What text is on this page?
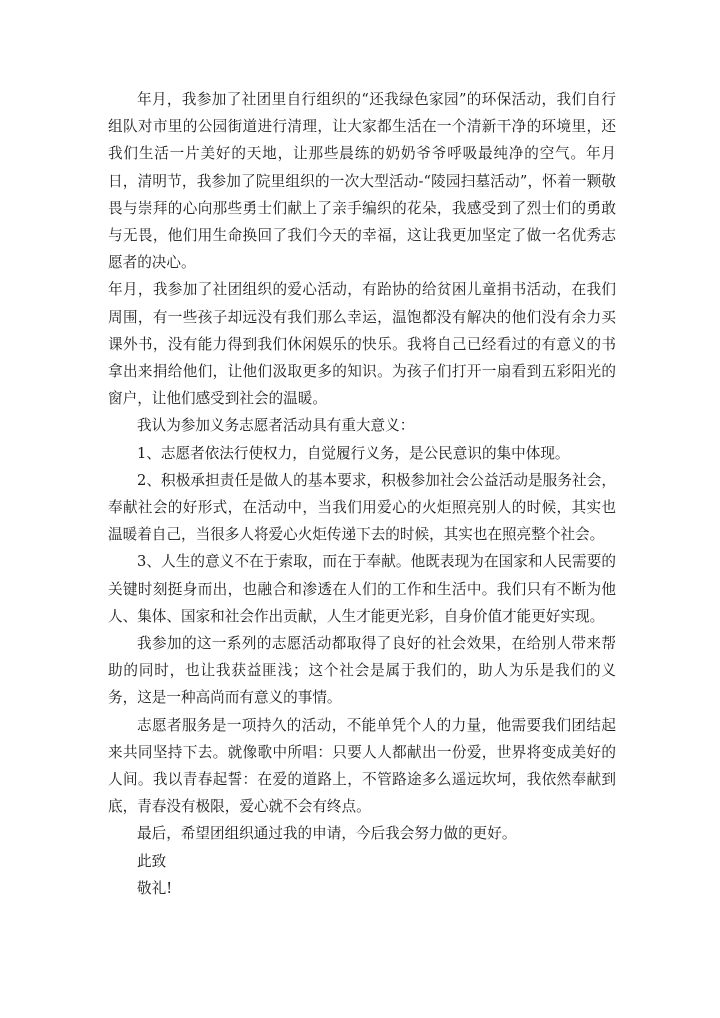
年月，我参加了社团里自行组织的“还我绿色家园”的环保活动，我们自行组队对市里的公园街道进行清理，让大家都生活在一个清新干净的环境里，还我们生活一片美好的天地，让那些晨练的奶奶爷爷呼吸最纯净的空气。年月日，清明节，我参加了院里组织的一次大型活动-“陵园扫墓活动”，怀着一颗敬畏与崇拜的心向那些勇士们献上了亲手编织的花朵，我感受到了烈士们的勇敢与无畏，他们用生命换回了我们今天的幸福，这让我更加坚定了做一名优秀志愿者的决心。

年月，我参加了社团组织的爱心活动，有跆协的给贫困儿童捐书活动，在我们周围，有一些孩子却远没有我们那么幸运，温饱都没有解决的他们没有余力买课外书，没有能力得到我们休闲娱乐的快乐。我将自己已经看过的有意义的书拿出来捐给他们，让他们汲取更多的知识。为孩子们打开一扇看到五彩阳光的窗户，让他们感受到社会的温暖。

我认为参加义务志愿者活动具有重大意义：

1、志愿者依法行使权力，自觉履行义务，是公民意识的集中体现。

2、积极承担责任是做人的基本要求，积极参加社会公益活动是服务社会，奉献社会的好形式，在活动中，当我们用爱心的火炬照亮别人的时候，其实也温暖着自己，当很多人将爱心火炬传递下去的时候，其实也在照亮整个社会。

3、人生的意义不在于索取，而在于奉献。他既表现为在国家和人民需要的关键时刻挺身而出，也融合和渗透在人们的工作和生活中。我们只有不断为他人、集体、国家和社会作出贡献，人生才能更光彩，自身价值才能更好实现。

我参加的这一系列的志愿活动都取得了良好的社会效果，在给别人带来帮助的同时，也让我获益匪浅；这个社会是属于我们的，助人为乐是我们的义务，这是一种高尚而有意义的事情。

志愿者服务是一项持久的活动，不能单凭个人的力量，他需要我们团结起来共同坚持下去。就像歌中所唱：只要人人都献出一份爱，世界将变成美好的人间。我以青春起誓：在爱的道路上，不管路途多么遥远坎坷，我依然奉献到底，青春没有极限，爱心就不会有终点。

最后，希望团组织通过我的申请，今后我会努力做的更好。

此致
敬礼!
